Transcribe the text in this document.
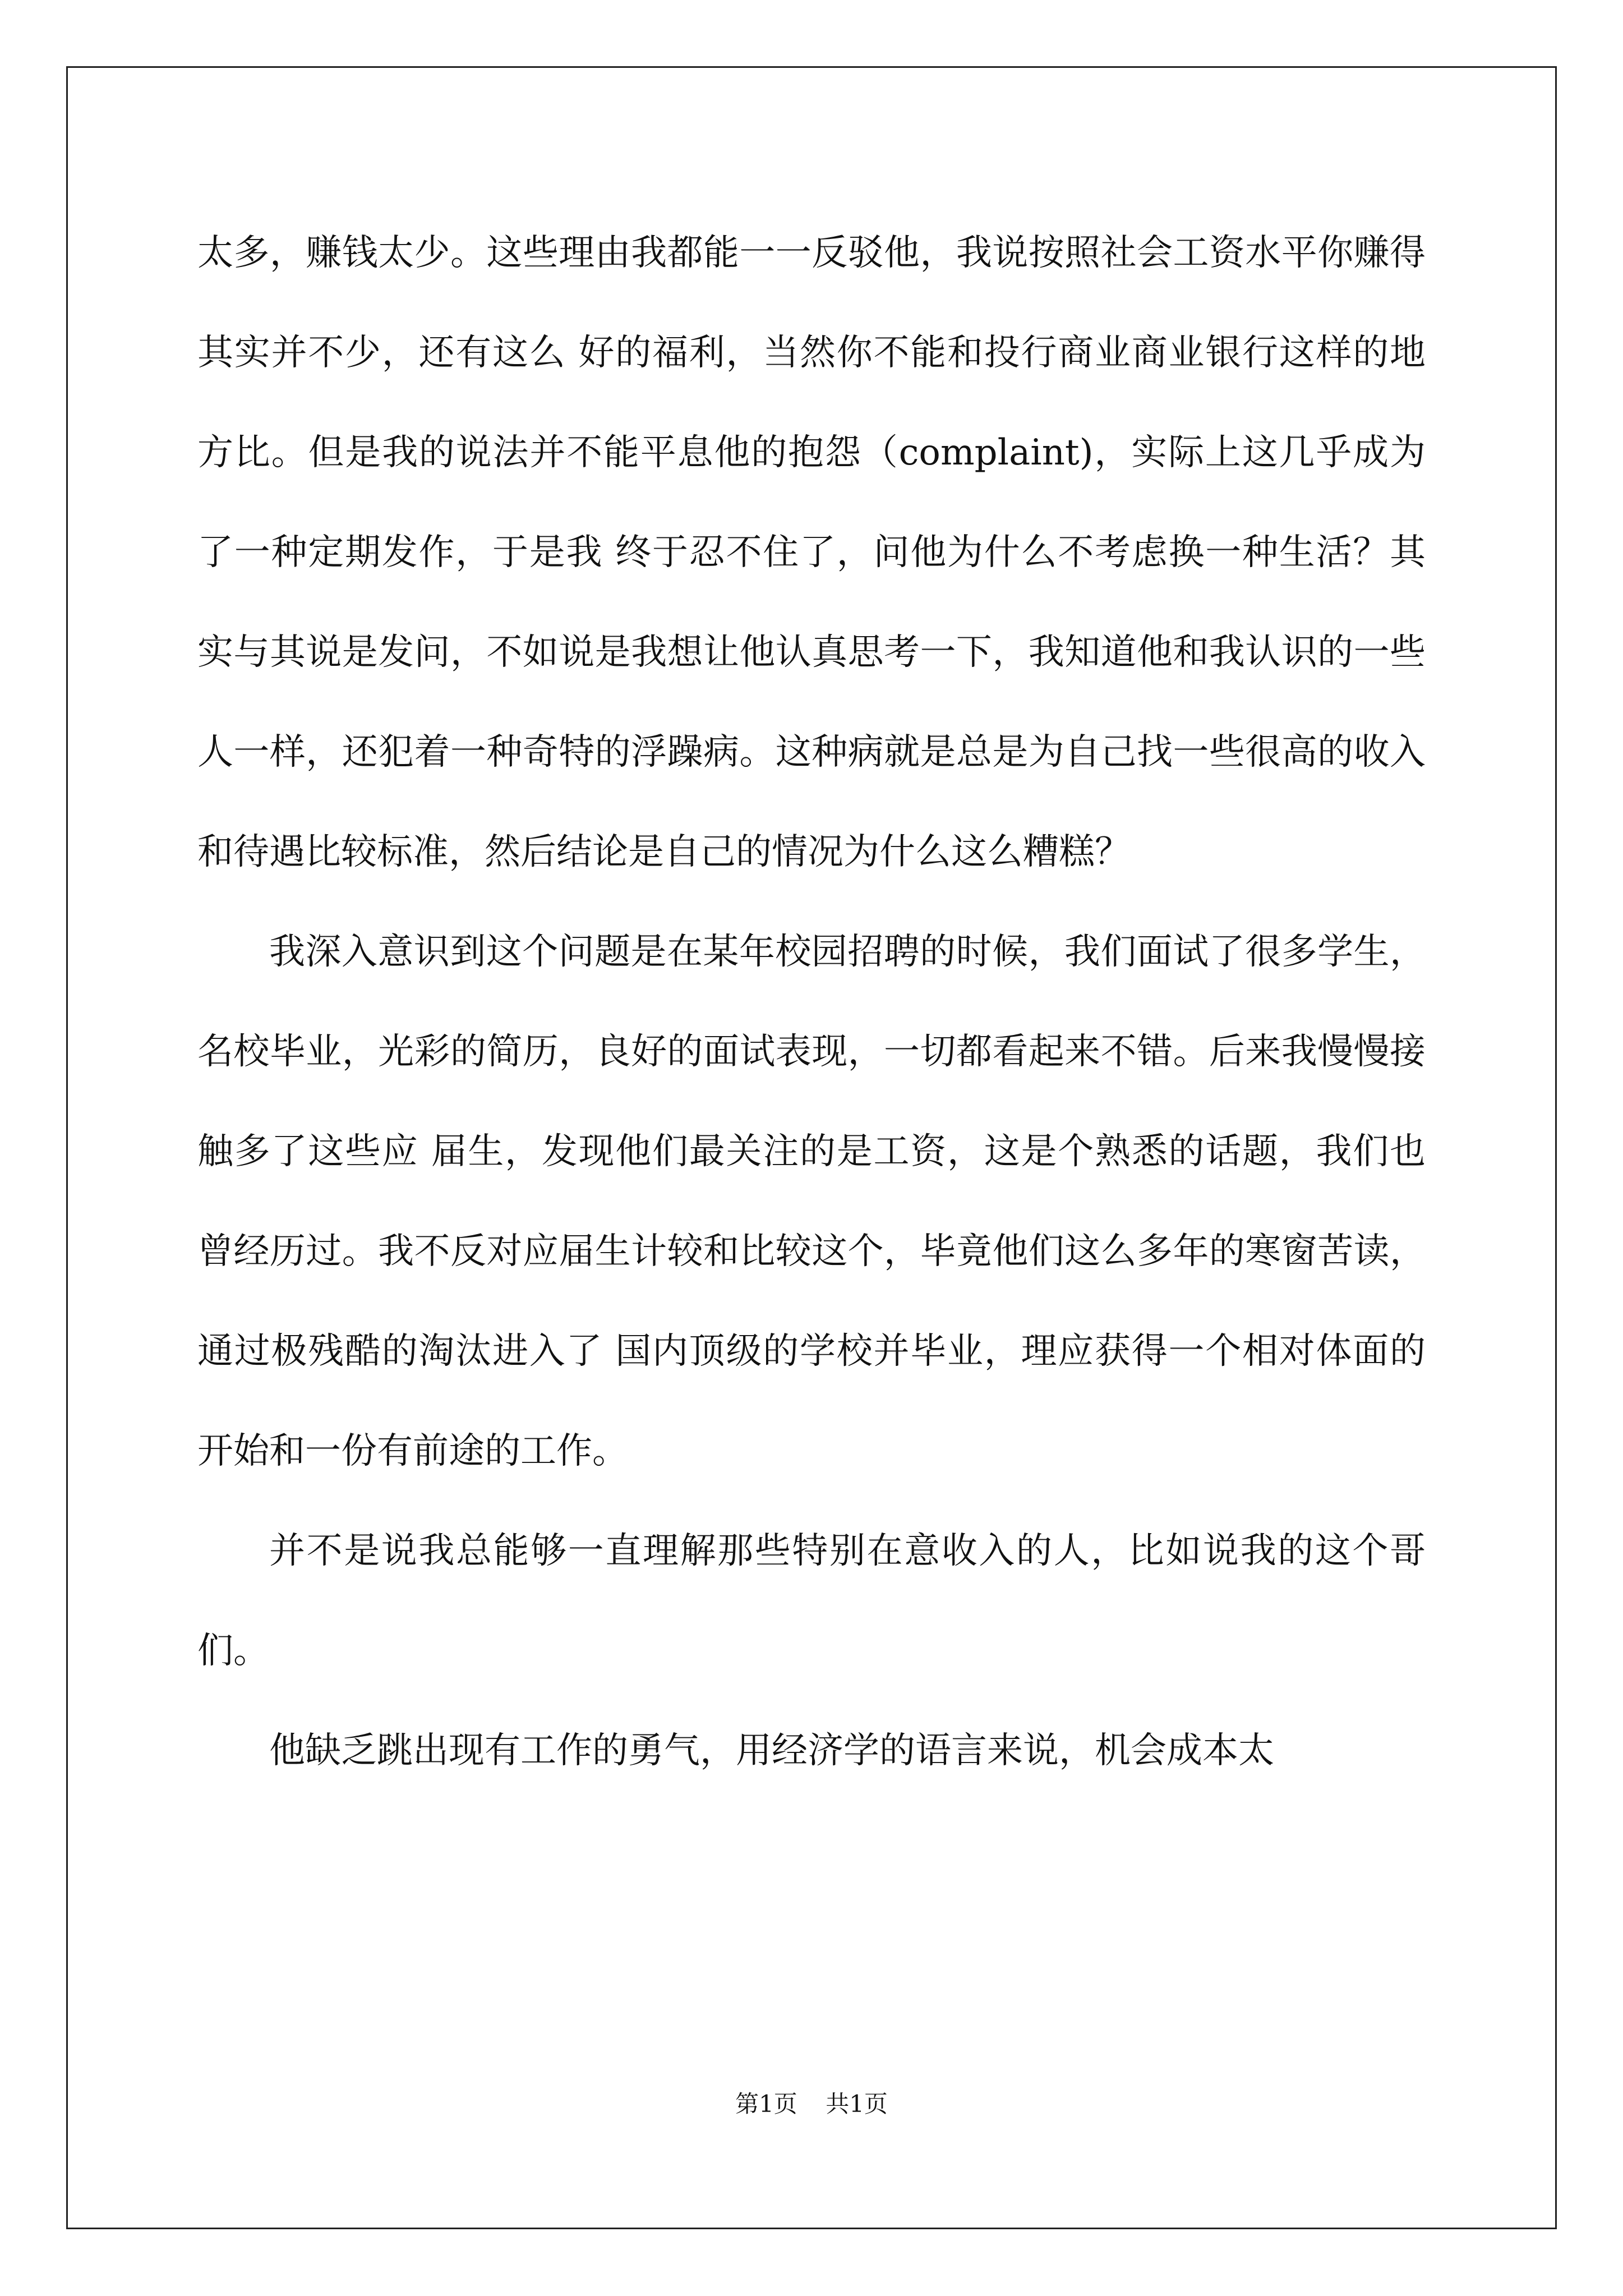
太多，赚钱太少。这些理由我都能一一反驳他，我说按照社会工资水平你赚得其实并不少，还有这么 好的福利，当然你不能和投行商业商业银行这样的地方比。但是我的说法并不能平息他的抱怨（complaint)，实际上这几乎成为了一种定期发作，于是我 终于忍不住了，问他为什么不考虑换一种生活？其实与其说是发问，不如说是我想让他认真思考一下，我知道他和我认识的一些人一样，还犯着一种奇特的浮躁病。这种病就是总是为自己找一些很高的收入和待遇比较标准，然后结论是自己的情况为什么这么糟糕？

我深入意识到这个问题是在某年校园招聘的时候，我们面试了很多学生，名校毕业，光彩的简历，良好的面试表现，一切都看起来不错。后来我慢慢接触多了这些应 届生，发现他们最关注的是工资，这是个熟悉的话题，我们也曾经历过。我不反对应届生计较和比较这个，毕竟他们这么多年的寒窗苦读，通过极残酷的淘汰进入了 国内顶级的学校并毕业，理应获得一个相对体面的开始和一份有前途的工作。

并不是说我总能够一直理解那些特别在意收入的人，比如说我的这个哥们。

他缺乏跳出现有工作的勇气，用经济学的语言来说，机会成本太

第1页 共1页
